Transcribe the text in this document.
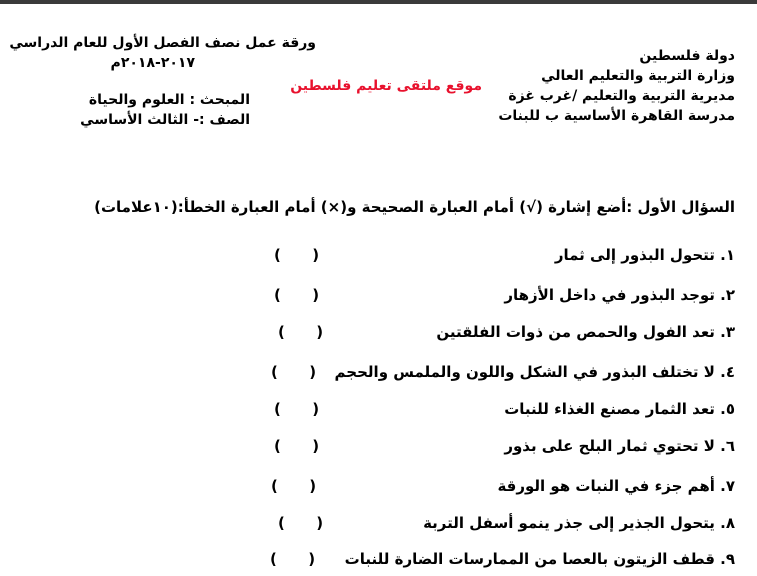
دولة فلسطين
وزارة التربية والتعليم العالي
مديرية التربية والتعليم /غرب غزة
مدرسة القاهرة الأساسية ب للبنات
ورقة عمل نصف الفصل الأول للعام الدراسي
٢٠١٧-٢٠١٨م
المبحث : العلوم والحياة
الصف :- الثالث الأساسي
موقع ملتقى تعليم فلسطين
السؤال الأول :أضع إشارة (√) أمام العبارة الصحيحة و(×) أمام العبارة الخطأ:(١٠علامات)
١. تتحول البذور إلى ثمار
(      )
٢. توجد البذور في داخل الأزهار
(      )
٣. تعد الفول والحمص من ذوات الفلقتين
(      )
٤. لا تختلف البذور في الشكل واللون والملمس والحجم
(      )
٥. تعد الثمار مصنع الغذاء للنبات
(      )
٦. لا تحتوي ثمار البلح على بذور
(      )
٧. أهم جزء في النبات هو الورقة
(      )
٨. يتحول الجذير إلى جذر ينمو أسفل التربة
(      )
٩. قطف الزيتون بالعصا من الممارسات الضارة للنبات
(      )
